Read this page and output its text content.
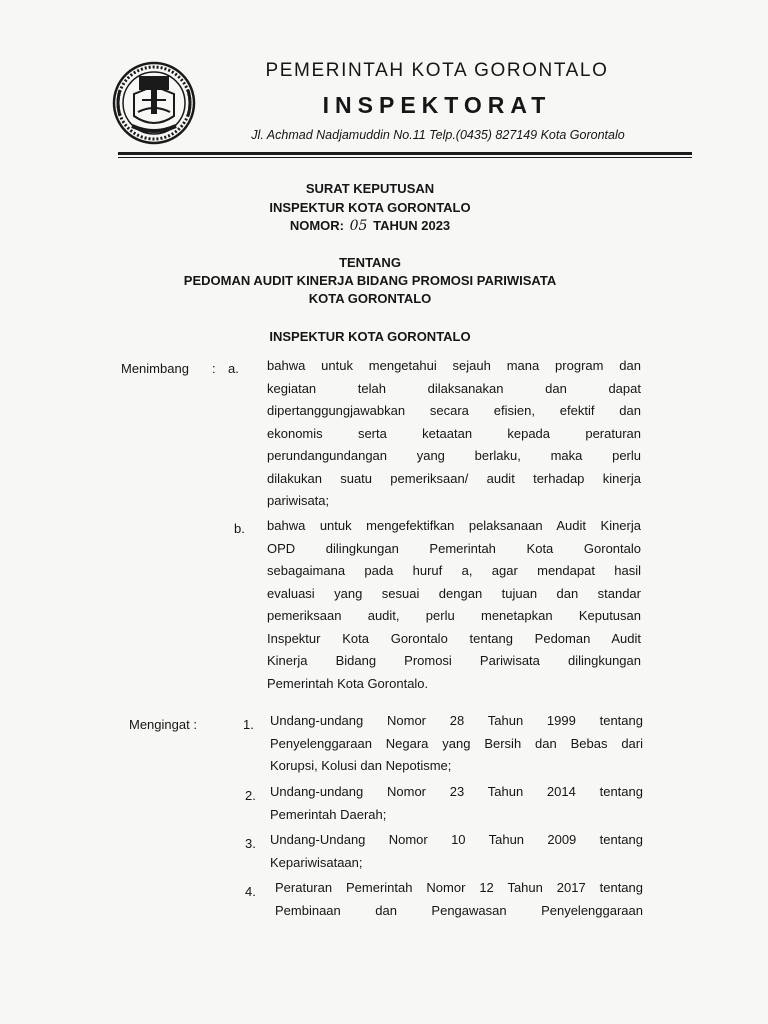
PEMERINTAH KOTA GORONTALO
INSPEKTORAT
Jl. Achmad Nadjamuddin No.11 Telp.(0435) 827149 Kota Gorontalo
SURAT KEPUTUSAN
INSPEKTUR KOTA GORONTALO
NOMOR: 05 TAHUN 2023
TENTANG
PEDOMAN AUDIT KINERJA BIDANG PROMOSI PARIWISATA
KOTA GORONTALO
INSPEKTUR KOTA GORONTALO
Menimbang : a. bahwa untuk mengetahui sejauh mana program dan
kegiatan telah dilaksanakan dan dapat
dipertanggungjawabkan secara efisien, efektif dan
ekonomis serta ketaatan kepada peraturan
perundangundangan yang berlaku, maka perlu
dilakukan suatu pemeriksaan/ audit terhadap kinerja
pariwisata;
b. bahwa untuk mengefektifkan pelaksanaan Audit Kinerja
OPD dilingkungan Pemerintah Kota Gorontalo
sebagaimana pada huruf a, agar mendapat hasil
evaluasi yang sesuai dengan tujuan dan standar
pemeriksaan audit, perlu menetapkan Keputusan
Inspektur Kota Gorontalo tentang Pedoman Audit
Kinerja Bidang Promosi Pariwisata dilingkungan
Pemerintah Kota Gorontalo.
Mengingat :	1. Undang-undang Nomor 28 Tahun 1999 tentang
Penyelenggaraan Negara yang Bersih dan Bebas dari
Korupsi, Kolusi dan Nepotisme;
2. Undang-undang Nomor 23 Tahun 2014 tentang
Pemerintah Daerah;
3. Undang-Undang Nomor 10 Tahun 2009 tentang
Kepariwisataan;
4. Peraturan Pemerintah Nomor 12 Tahun 2017 tentang
Pembinaan dan Pengawasan Penyelenggaraan
